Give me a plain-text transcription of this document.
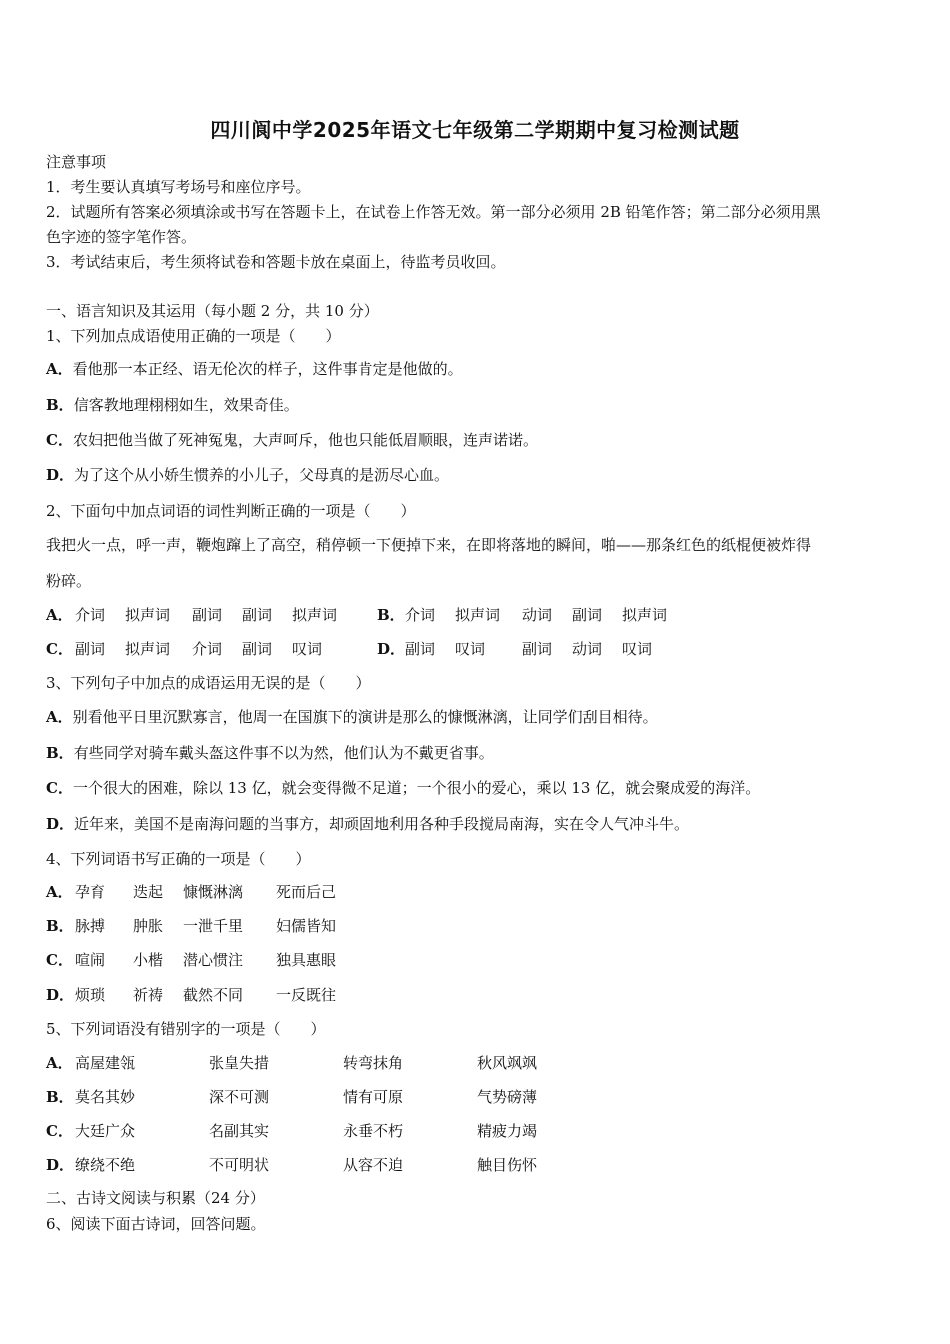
四川阆中学2025年语文七年级第二学期期中复习检测试题
注意事项
1．考生要认真填写考场号和座位序号。
2．试题所有答案必须填涂或书写在答题卡上，在试卷上作答无效。第一部分必须用 2B 铅笔作答；第二部分必须用黑
色字迹的签字笔作答。
3．考试结束后，考生须将试卷和答题卡放在桌面上，待监考员收回。
一、语言知识及其运用（每小题 2 分，共 10 分）
1、下列加点成语使用正确的一项是（　　）
A．看他那一本正经、语无伦次的样子，这件事肯定是他做的。
B．信客教地理栩栩如生，效果奇佳。
C．农妇把他当做了死神冤鬼，大声呵斥，他也只能低眉顺眼，连声诺诺。
D．为了这个从小娇生惯养的小儿子，父母真的是沥尽心血。
2、下面句中加点词语的词性判断正确的一项是（　　）
我把火一点，呼一声，鞭炮蹿上了高空，稍停顿一下便掉下来，在即将落地的瞬间，啪——那条红色的纸棍便被炸得
粉碎。
A． 介词 拟声词 副词 副词 拟声词	B． 介词 拟声词 动词 副词 拟声词
C． 副词 拟声词 介词 副词 叹词	D． 副词 叹词 副词 动词 叹词
3、下列句子中加点的成语运用无误的是（　　）
A．别看他平日里沉默寡言，他周一在国旗下的演讲是那么的慷慨淋漓，让同学们刮目相待。
B．有些同学对骑车戴头盔这件事不以为然，他们认为不戴更省事。
C．一个很大的困难，除以 13 亿，就会变得微不足道；一个很小的爱心，乘以 13 亿，就会聚成爱的海洋。
D．近年来，美国不是南海问题的当事方，却顽固地利用各种手段搅局南海，实在令人气冲斗牛。
4、下列词语书写正确的一项是（　　）
A． 孕育 迭起 慷慨淋漓 死而后己
B． 脉搏 肿胀 一泄千里 妇儒皆知
C． 喧闹 小楷 潜心惯注 独具惠眼
D． 烦琐 祈祷 截然不同 一反既往
5、下列词语没有错别字的一项是（　　）
A． 高屋建瓴	张皇失措	转弯抹角	秋风飒飒
B． 莫名其妙	深不可测	情有可原	气势磅薄
C． 大廷广众	名副其实	永垂不朽	精疲力竭
D． 缭绕不绝	不可明状	从容不迫	触目伤怀
二、古诗文阅读与积累（24 分）
6、阅读下面古诗词，回答问题。
